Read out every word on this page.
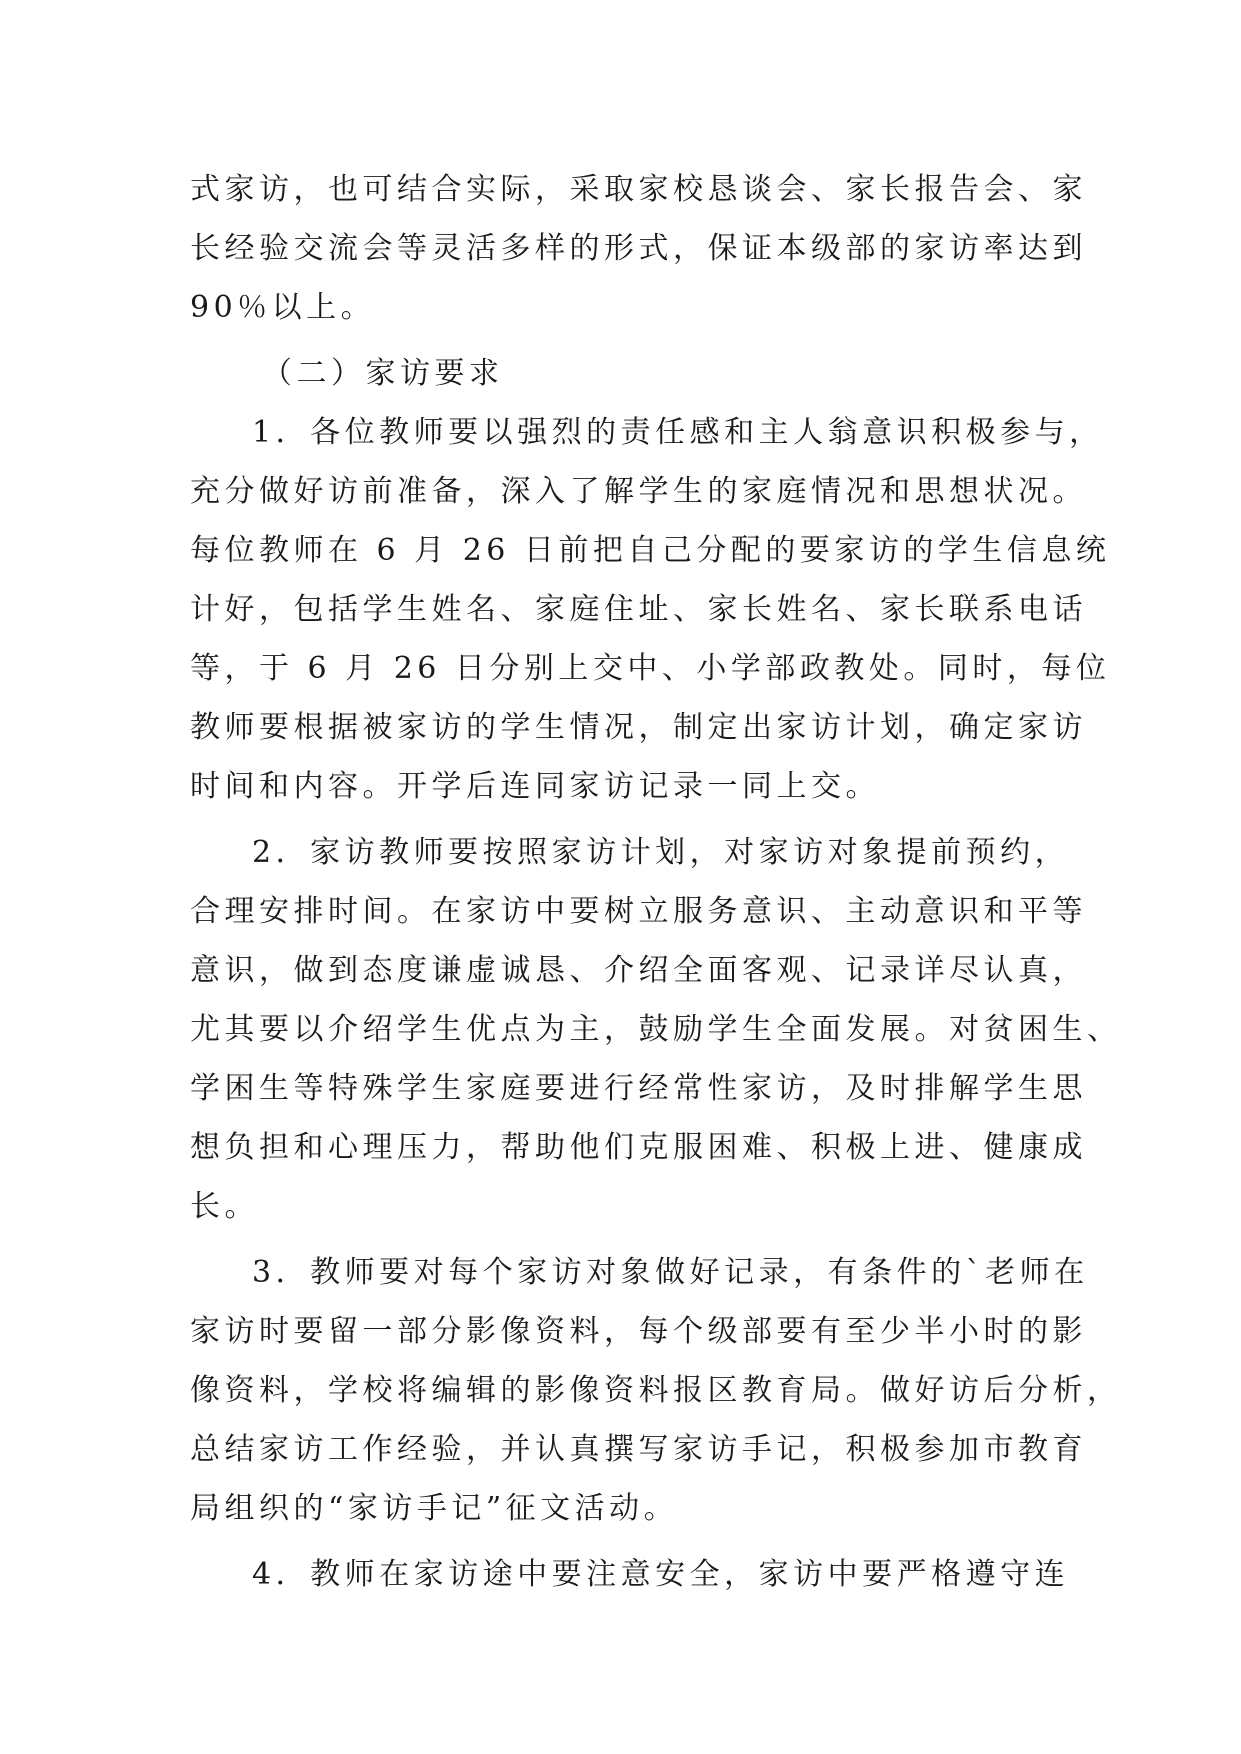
式家访，也可结合实际，采取家校恳谈会、家长报告会、家
长经验交流会等灵活多样的形式，保证本级部的家访率达到
90％以上。
（二）家访要求
1．各位教师要以强烈的责任感和主人翁意识积极参与，
充分做好访前准备，深入了解学生的家庭情况和思想状况。
每位教师在 6 月 26 日前把自己分配的要家访的学生信息统
计好，包括学生姓名、家庭住址、家长姓名、家长联系电话
等，于 6 月 26 日分别上交中、小学部政教处。同时，每位
教师要根据被家访的学生情况，制定出家访计划，确定家访
时间和内容。开学后连同家访记录一同上交。
2．家访教师要按照家访计划，对家访对象提前预约，
合理安排时间。在家访中要树立服务意识、主动意识和平等
意识，做到态度谦虚诚恳、介绍全面客观、记录详尽认真，
尤其要以介绍学生优点为主，鼓励学生全面发展。对贫困生、
学困生等特殊学生家庭要进行经常性家访，及时排解学生思
想负担和心理压力，帮助他们克服困难、积极上进、健康成
长。
3．教师要对每个家访对象做好记录，有条件的`老师在
家访时要留一部分影像资料，每个级部要有至少半小时的影
像资料，学校将编辑的影像资料报区教育局。做好访后分析，
总结家访工作经验，并认真撰写家访手记，积极参加市教育
局组织的“家访手记”征文活动。
4．教师在家访途中要注意安全，家访中要严格遵守连
